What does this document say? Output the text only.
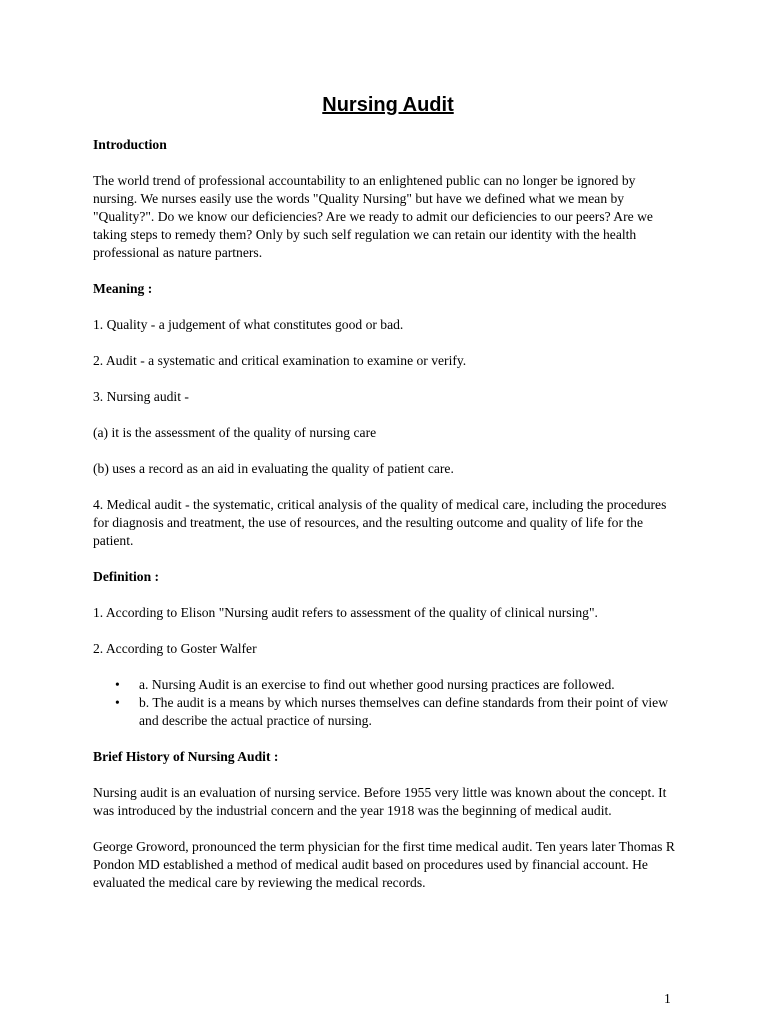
Nursing Audit
Introduction
The world trend of professional accountability to an enlightened public can no longer be ignored by nursing. We nurses easily use the words "Quality Nursing" but have we defined what we mean by "Quality?". Do we know our deficiencies? Are we ready to admit our deficiencies to our peers? Are we taking steps to remedy them? Only by such self regulation we can retain our identity with the health professional as nature partners.
Meaning :
1. Quality - a judgement of what constitutes good or bad.
2. Audit - a systematic and critical examination to examine or verify.
3. Nursing audit -
(a) it is the assessment of the quality of nursing care
(b) uses a record as an aid in evaluating the quality of patient care.
4. Medical audit - the systematic, critical analysis of the quality of medical care, including the procedures for diagnosis and treatment, the use of resources, and the resulting outcome and quality of life for the patient.
Definition :
1. According to Elison "Nursing audit refers to assessment of the quality of clinical nursing".
2. According to Goster Walfer
• a. Nursing Audit is an exercise to find out whether good nursing practices are followed.
• b. The audit is a means by which nurses themselves can define standards from their point of view and describe the actual practice of nursing.
Brief History of Nursing Audit :
Nursing audit is an evaluation of nursing service. Before 1955 very little was known about the concept. It was introduced by the industrial concern and the year 1918 was the beginning of medical audit.
George Groword, pronounced the term physician for the first time medical audit. Ten years later Thomas R Pondon MD established a method of medical audit based on procedures used by financial account. He evaluated the medical care by reviewing the medical records.
1
